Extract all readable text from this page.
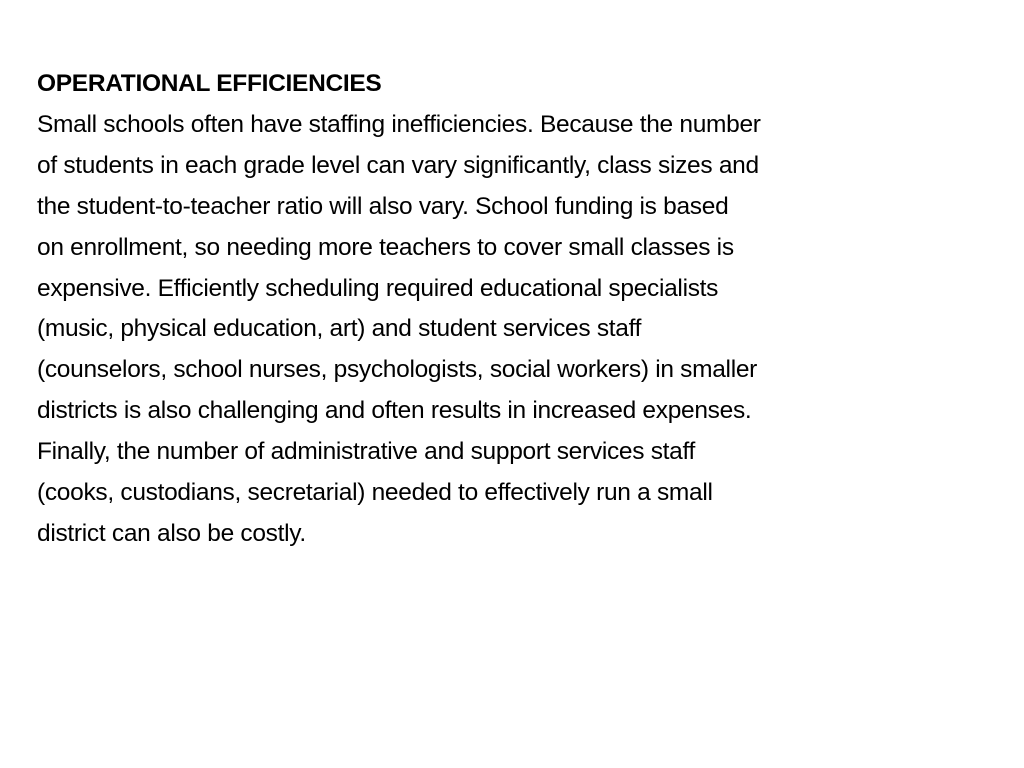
OPERATIONAL EFFICIENCIES
Small schools often have staffing inefficiencies. Because the number
of students in each grade level can vary significantly, class sizes and
the student-to-teacher ratio will also vary. School funding is based
on enrollment, so needing more teachers to cover small classes is
expensive. Efficiently scheduling required educational specialists
(music, physical education, art) and student services staff
(counselors, school nurses, psychologists, social workers) in smaller
districts is also challenging and often results in increased expenses.
Finally, the number of administrative and support services staff
(cooks, custodians, secretarial) needed to effectively run a small
district can also be costly.
